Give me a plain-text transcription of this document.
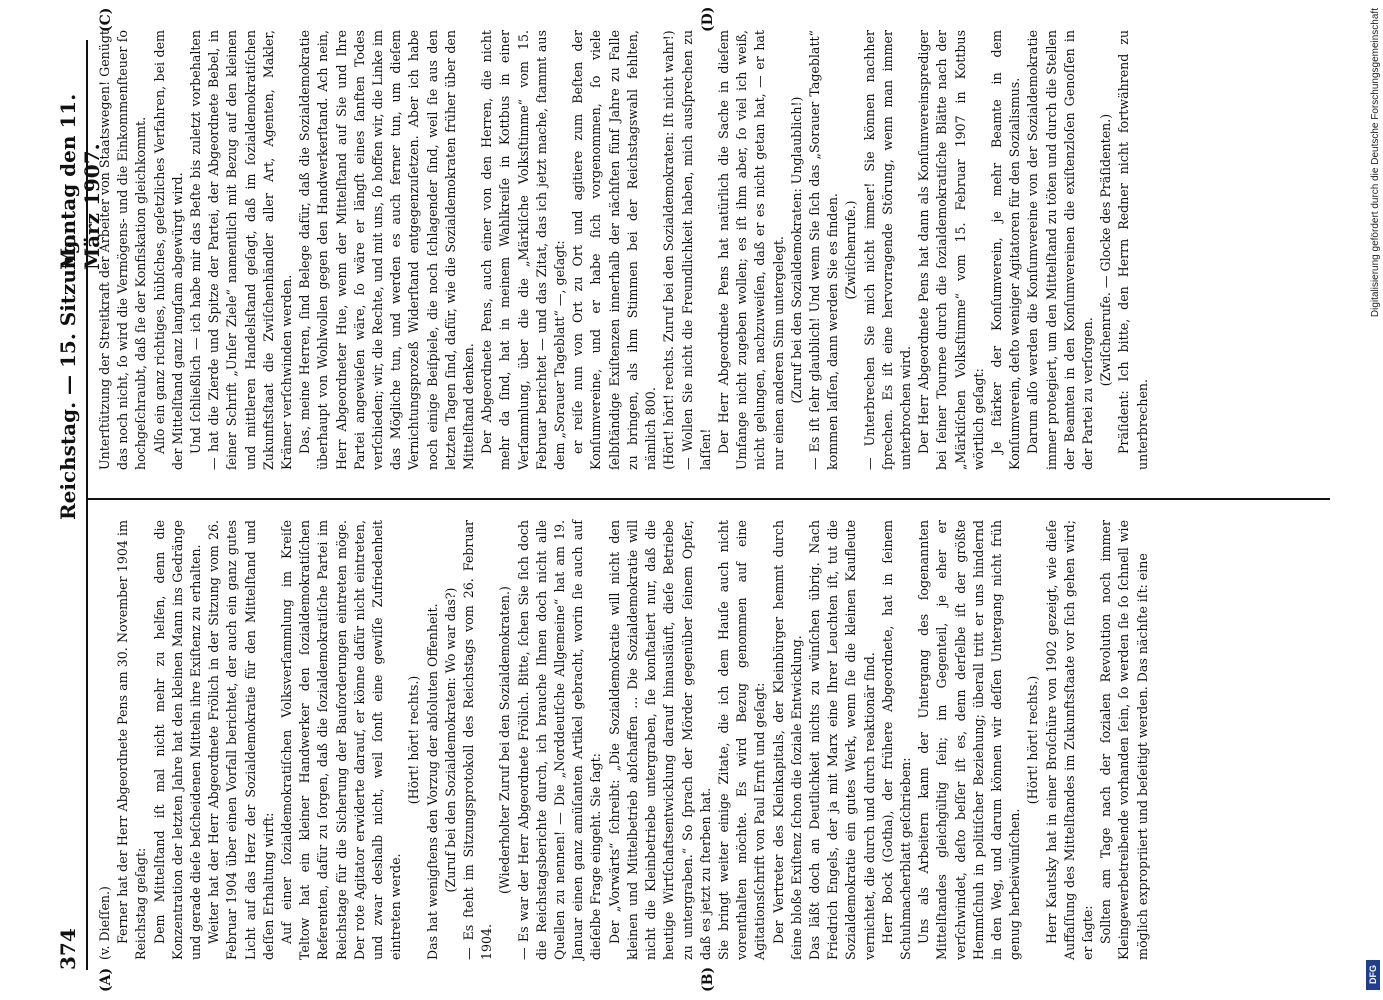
374
Reichstag. — 15. Sitzung.
Montag den 11. März 1907.
(A)	(B)
(C)	(D)

(v. Dieſſen.) Ferner hat der Herr Abgeordnete Pens am 30. November 1904 im Reichstag geſagt: Dem Mittelſtand iſt mal nicht mehr zu helfen, denn die Konzentration der letzten Jahre hat den kleinen Mann ins Gedränge und gerade dieſe beſcheidenen Mitteln ihre Exiſtenz zu erhalten. Weiter hat der Herr Abgeordnete Frölich in der Sitzung vom 26. Februar 1904 über einen Vorfall berichtet, der auch ein ganz gutes Licht auf das Herz der Sozialdemokratie für den Mittelſtand und deſſen Erhaltung wirft: Auf einer ſozialdemokratiſchen Volksverſammlung im Kreiſe Teltow hat ein kleiner Handwerker den ſozialdemokratiſchen Referenten, dafür zu ſorgen, daß die ſozialdemokratiſche Partei im Reichstage für die Sicherung der Bauforderungen eintreten möge. Der rote Agitator erwiderte darauf, er könne dafür nicht eintreten, und zwar deshalb nicht, weil ſonſt eine gewiſſe Zufriedenheit eintreten werde.

(Hört! hört! rechts.) Das hat wenigſtens den Vorzug der abſoluten Offenheit. (Zuruf bei den Sozialdemokraten: Wo war das?) — Es ſteht im Sitzungsprotokoll des Reichstags vom 26. Februar 1904.

(Wiederholter Zuruf bei den Sozialdemokraten.) — Es war der Herr Abgeordnete Frölich. Bitte, ſchen Sie ſich doch die Reichstagsberichte durch, ich brauche Ihnen doch nicht alle Quellen zu nennen! — Die „Norddeutſche Allgemeine“ hat am 19. Januar einen ganz amüſanten Artikel gebracht, worin ſie auch auf dieſelbe Frage eingeht. Sie ſagt: Der „Vorwärts“ ſchreibt: „Die Sozialdemokratie will nicht den kleinen und Mittelbetrieb abſchaffen ... Die Sozialdemokratie will nicht die Kleinbetriebe untergraben, ſie konſtatiert nur, daß die heutige Wirtſchaftsentwicklung darauf hinausläuft, dieſe Betriebe zu untergraben.“ So ſprach der Mörder gegenüber ſeinem Opfer, daß es jetzt zu ſterben hat. Sie bringt weiter einige Zitate, die ich dem Hauſe auch nicht vorenthalten möchte. Es wird Bezug genommen auf eine Agitationsſchrift von Paul Ernſt und geſagt: Der Vertreter des Kleinkapitals, der Kleinbürger hemmt durch ſeine bloße Exiſtenz ſchon die ſoziale Entwicklung. Das läßt doch an Deutlichkeit nichts zu wünſchen übrig. Nach Friedrich Engels, der ja mit Marx eine Ihrer Leuchten iſt, tut die Sozialdemokratie ein gutes Werk, wenn ſie die kleinen Kaufleute vernichtet, die durch und durch reaktionär ſind. Herr Bock (Gotha), der frühere Abgeordnete, hat in ſeinem Schuhmacherblatt geſchrieben: Uns als Arbeitern kann der Untergang des ſogenannten Mittelſtandes gleichgültig ſein; im Gegenteil, je eher er verſchwindet, deſto beſſer iſt es, denn derſelbe iſt der größte Hemmſchuh in politiſcher Beziehung; überall tritt er uns hindernd in den Weg, und darum können wir deſſen Untergang nicht früh genug herbeiwünſchen.

(Hört! hört! rechts.) Herr Kautsky hat in einer Broſchüre von 1902 gezeigt, wie dieſe Auffaſſung des Mittelſtandes im Zukunftsſtaate vor ſich gehen wird; er ſagte: Sollten am Tage nach der ſozialen Revolution noch immer Kleingewerbetreibende vorhanden ſein, ſo werden ſie ſo ſchnell wie möglich expropriiert und beſeitigt werden. Das nächſte iſt: eine

Unterſtützung der Streitkraft der Arbeiter von Staatswegen! Genügt das noch nicht, ſo wird die Vermögens- und die Einkommenſteuer ſo hochgeſchraubt, daß ſie der Konfiskation gleichkommt. Alſo ein ganz richtiges, hübſches, geſetzliches Verfahren, bei dem der Mittelſtand ganz langſam abgewürgt wird. Und ſchließlich — ich habe mir das Beſte bis zuletzt vorbehalten — hat die Zierde und Spitze der Partei, der Abgeordnete Bebel, in ſeiner Schrift „Unſer Ziele“ namentlich mit Bezug auf den kleinen und mittleren Handelsſtand geſagt, daß im ſozialdemokratiſchen Zukunftsſtaat die Zwiſchenhändler aller Art, Agenten, Makler, Krämer verſchwinden werden. Das, meine Herren, ſind Belege dafür, daß die Sozialdemokratie überhaupt von Wohlwollen gegen den Handwerkerſtand. Ach nein, Herr Abgeordneter Hue, wenn der Mittelſtand auf Sie und Ihre Partei angewieſen wäre, ſo wäre er längſt eines ſanften Todes verſchieden; wir, die Rechte, und mit uns, ſo hoffen wir, die Linke im das Mögliche tun, und werden es auch ferner tun, um dieſem Vernichtungsprozeß Widerſtand entgegenzuſetzen. Aber ich habe noch einige Beiſpiele, die noch ſchlagender ſind, weil ſie aus den letzten Tagen ſind, dafür, wie die Sozialdemokraten früher über den Mittelſtand denken. Der Abgeordnete Pens, auch einer von den Herren, die nicht mehr da ſind, hat in meinem Wahlkreiſe in Kottbus in einer Verſammlung, über die die „Märkiſche Volksſtimme“ vom 15. Februar berichtet — und das Zitat, das ich jetzt mache, ſtammt aus dem „Sorauer Tageblatt“ —, geſagt: er reiſe nun von Ort zu Ort und agitiere zum Beſten der Konſumvereine, und er habe ſich vorgenommen, ſo viele ſelbſtändige Exiſtenzen innerhalb der nächſten fünf Jahre zu Falle zu bringen, als ihm Stimmen bei der Reichstagswahl fehlten, nämlich 800. (Hört! hört! rechts. Zuruf bei den Sozialdemokraten: Iſt nicht wahr!) — Wollen Sie nicht die Freundlichkeit haben, mich ausſprechen zu laſſen! Der Herr Abgeordnete Pens hat natürlich die Sache in dieſem Umfange nicht zugeben wollen; es iſt ihm aber, ſo viel ich weiß, nicht gelungen, nachzuweiſen, daß er es nicht getan hat, — er hat nur einen anderen Sinn untergelegt. (Zuruf bei den Sozialdemokraten: Unglaublich!) — Es iſt ſehr glaublich! Und wenn Sie ſich das „Sorauer Tageblatt“ kommen laſſen, dann werden Sie es finden. (Zwiſchenrufe.) — Unterbrechen Sie mich nicht immer! Sie können nachher ſprechen. Es iſt eine hervorragende Störung, wenn man immer unterbrochen wird. Der Herr Abgeordnete Pens hat dann als Konſumvereinsprediger bei ſeiner Tournee durch die ſozialdemokratiſche Blätte nach der „Märkiſchen Volksſtimme“ vom 15. Februar 1907 in Kottbus wörtlich geſagt: Je ſtärker der Konſumverein, je mehr Beamte in dem Konſumverein, deſto weniger Agitatoren für den Sozialismus. Darum alſo werden die Konſumvereine von der Sozialdemokratie immer protegiert, um den Mittelſtand zu töten und durch die Stellen der Beamten in den Konſumvereinen die exiſtenzloſen Genoſſen in der Partei zu verſorgen.

(Zwiſchenrufe. — Glocke des Präſidenten.) Präſident: Ich bitte, den Herrn Redner nicht fortwährend zu unterbrechen.

Digitalisierung gefördert durch die Deutsche Forschungsgemeinschaft
DFG
